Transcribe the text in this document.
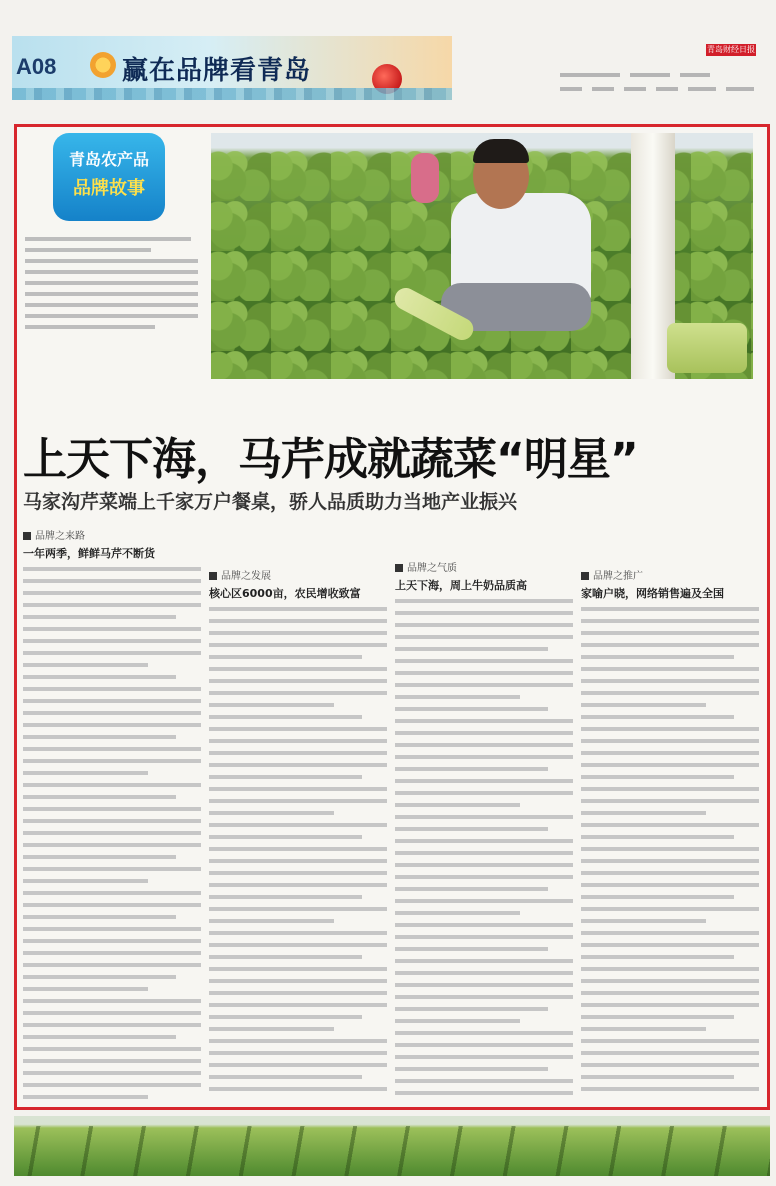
A08	赢在品牌看青岛
青岛财经日报

青岛农产品
品牌故事
上天下海，马芹成就蔬菜“明星”
马家沟芹菜端上千家万户餐桌，骄人品质助力当地产业振兴
品牌之来路
一年两季，鲜鲜马芹不断货
品牌之发展
核心区6000亩，农民增收致富
品牌之气质
上天下海，周上牛奶品质高
品牌之推广
家喻户晓，网络销售遍及全国
